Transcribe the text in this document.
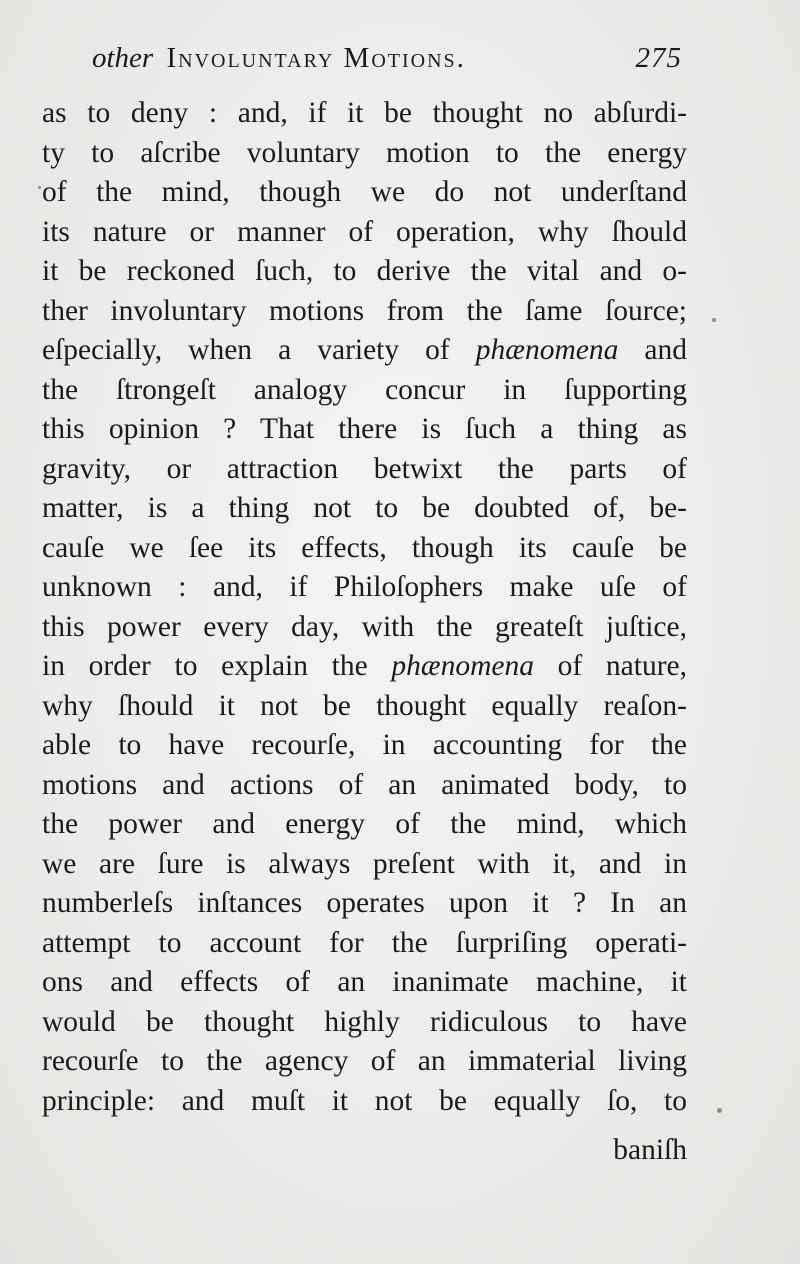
other Involuntary Motions.	275
as to deny : and, if it be thought no abſurdi-
ty to aſcribe voluntary motion to the energy
of the mind, though we do not underſtand
its nature or manner of operation, why ſhould
it be reckoned ſuch, to derive the vital and o-
ther involuntary motions from the ſame ſource;
eſpecially, when a variety of phænomena and
the ſtrongeſt analogy concur in ſupporting
this opinion ? That there is ſuch a thing as
gravity, or attraction betwixt the parts of
matter, is a thing not to be doubted of, be-
cauſe we ſee its effects, though its cauſe be
unknown : and, if Philoſophers make uſe of
this power every day, with the greateſt juſtice,
in order to explain the phænomena of nature,
why ſhould it not be thought equally reaſon-
able to have recourſe, in accounting for the
motions and actions of an animated body, to
the power and energy of the mind, which
we are ſure is always preſent with it, and in
numberleſs inſtances operates upon it ? In an
attempt to account for the ſurpriſing operati-
ons and effects of an inanimate machine, it
would be thought highly ridiculous to have
recourſe to the agency of an immaterial living
principle: and muſt it not be equally ſo, to
baniſh
